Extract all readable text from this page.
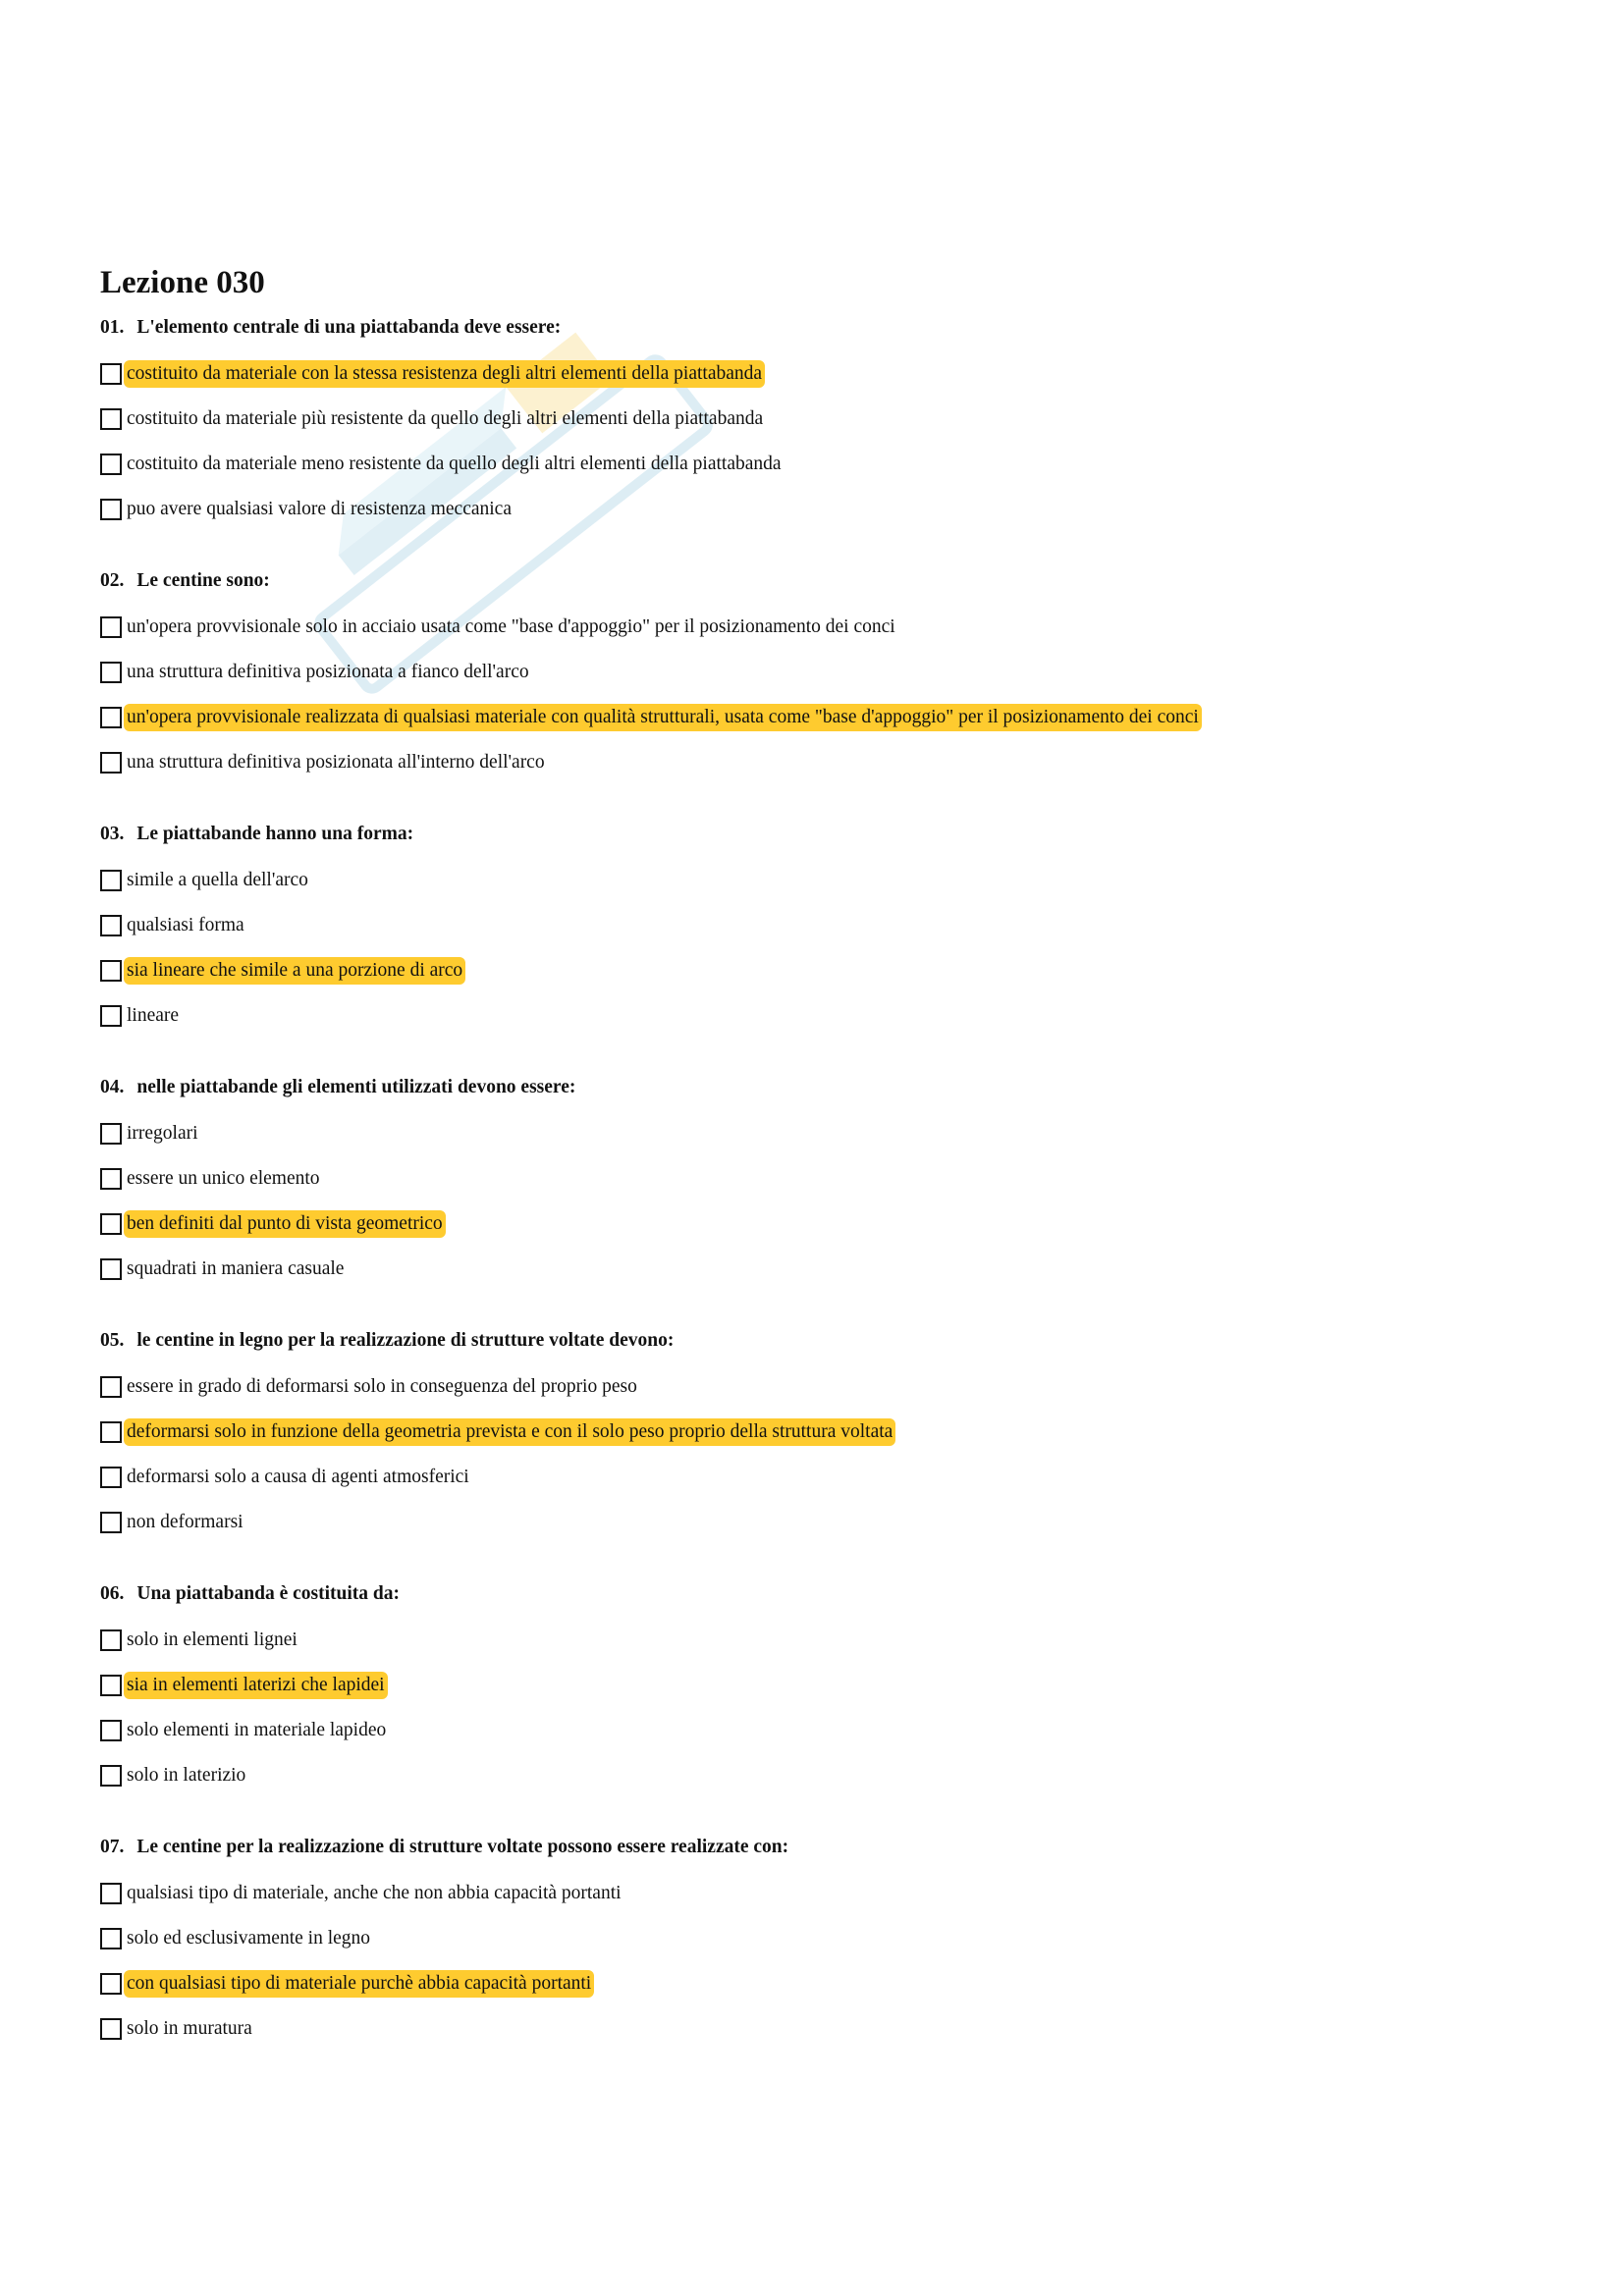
Lezione 030
01. L'elemento centrale di una piattabanda deve essere:
costituito da materiale con la stessa resistenza degli altri elementi della piattabanda
costituito da materiale più resistente da quello degli altri elementi della piattabanda
costituito da materiale meno resistente da quello degli altri elementi della piattabanda
puo avere qualsiasi valore di resistenza meccanica
02. Le centine sono:
un'opera provvisionale solo in acciaio usata come "base d'appoggio" per il posizionamento dei conci
una struttura definitiva posizionata a fianco dell'arco
un'opera provvisionale realizzata di qualsiasi materiale con qualità strutturali, usata come "base d'appoggio" per il posizionamento dei conci
una struttura definitiva posizionata all'interno dell'arco
03. Le piattabande hanno una forma:
simile a quella dell'arco
qualsiasi forma
sia lineare che simile a una porzione di arco
lineare
04. nelle piattabande gli elementi utilizzati devono essere:
irregolari
essere un unico elemento
ben definiti dal punto di vista geometrico
squadrati in maniera casuale
05. le centine in legno per la realizzazione di strutture voltate devono:
essere in grado di deformarsi solo in conseguenza del proprio peso
deformarsi solo in funzione della geometria prevista e con il solo peso proprio della struttura voltata
deformarsi solo a causa di agenti atmosferici
non deformarsi
06. Una piattabanda è costituita da:
solo in elementi lignei
sia in elementi laterizi che lapidei
solo elementi in materiale lapideo
solo in laterizio
07. Le centine per la realizzazione di strutture voltate possono essere realizzate con:
qualsiasi tipo di materiale, anche che non abbia capacità portanti
solo ed esclusivamente in legno
con qualsiasi tipo di materiale purchè abbia capacità portanti
solo in muratura
